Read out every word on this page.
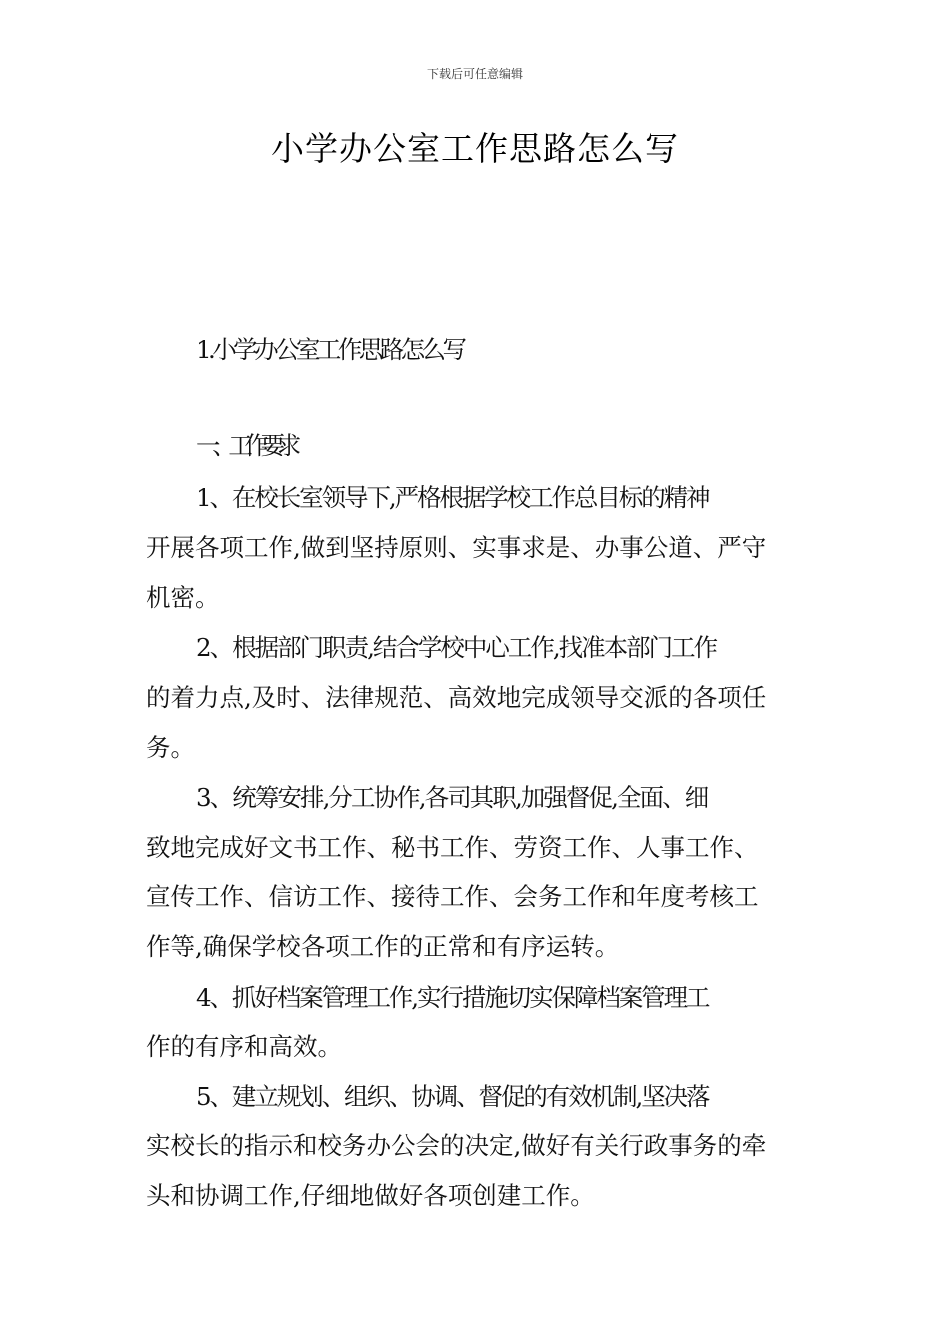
下载后可任意编辑
小学办公室工作思路怎么写
1.小学办公室工作思路怎么写
一、工作要求
1、在校长室领导下,严格根据学校工作总目标的精神
开展各项工作,做到坚持原则、实事求是、办事公道、严守
机密。
2、根据部门职责,结合学校中心工作,找准本部门工作
的着力点,及时、法律规范、高效地完成领导交派的各项任
务。
3、统筹安排,分工协作,各司其职,加强督促,全面、细
致地完成好文书工作、秘书工作、劳资工作、人事工作、
宣传工作、信访工作、接待工作、会务工作和年度考核工
作等,确保学校各项工作的正常和有序运转。
4、抓好档案管理工作,实行措施切实保障档案管理工
作的有序和高效。
5、建立规划、组织、协调、督促的有效机制,坚决落
实校长的指示和校务办公会的决定,做好有关行政事务的牵
头和协调工作,仔细地做好各项创建工作。
